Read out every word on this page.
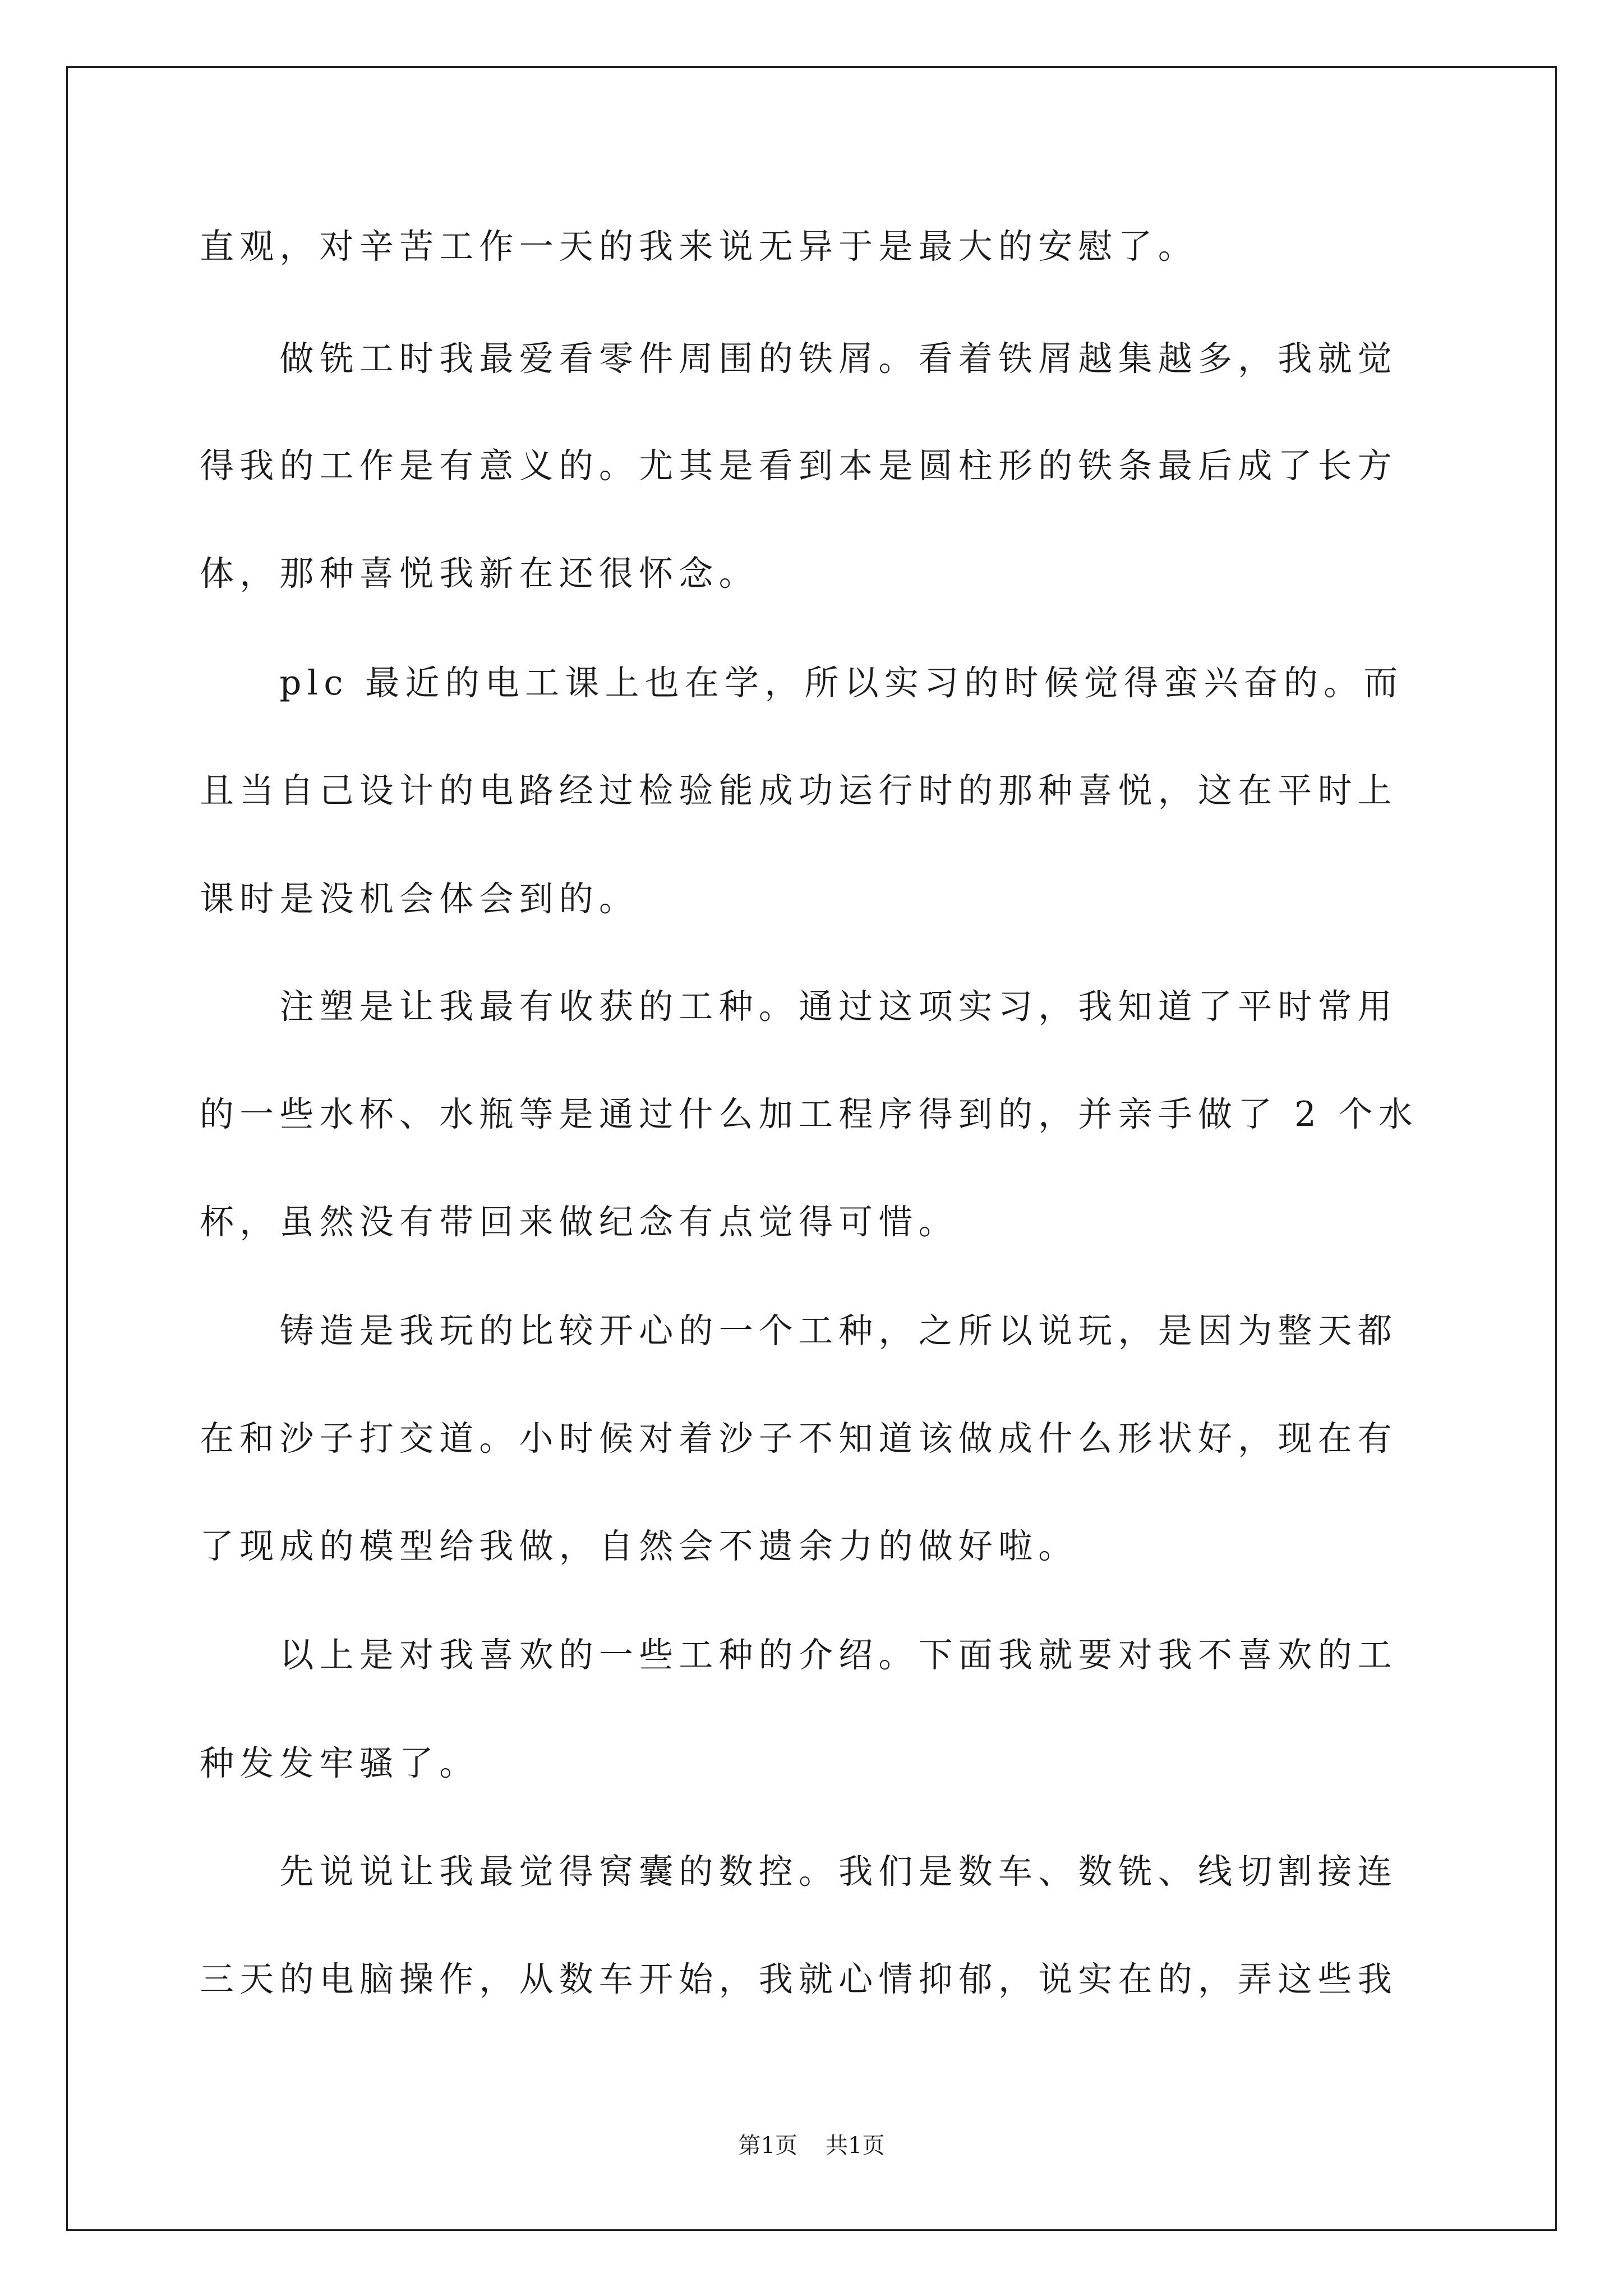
直观，对辛苦工作一天的我来说无异于是最大的安慰了。
　　做铣工时我最爱看零件周围的铁屑。看着铁屑越集越多，我就觉
得我的工作是有意义的。尤其是看到本是圆柱形的铁条最后成了长方
体，那种喜悦我新在还很怀念。
　　plc 最近的电工课上也在学，所以实习的时候觉得蛮兴奋的。而
且当自己设计的电路经过检验能成功运行时的那种喜悦，这在平时上
课时是没机会体会到的。
　　注塑是让我最有收获的工种。通过这项实习，我知道了平时常用
的一些水杯、水瓶等是通过什么加工程序得到的，并亲手做了 2 个水
杯，虽然没有带回来做纪念有点觉得可惜。
　　铸造是我玩的比较开心的一个工种，之所以说玩，是因为整天都
在和沙子打交道。小时候对着沙子不知道该做成什么形状好，现在有
了现成的模型给我做，自然会不遗余力的做好啦。
　　以上是对我喜欢的一些工种的介绍。下面我就要对我不喜欢的工
种发发牢骚了。
　　先说说让我最觉得窝囊的数控。我们是数车、数铣、线切割接连
三天的电脑操作，从数车开始，我就心情抑郁，说实在的，弄这些我
第1页 共1页
